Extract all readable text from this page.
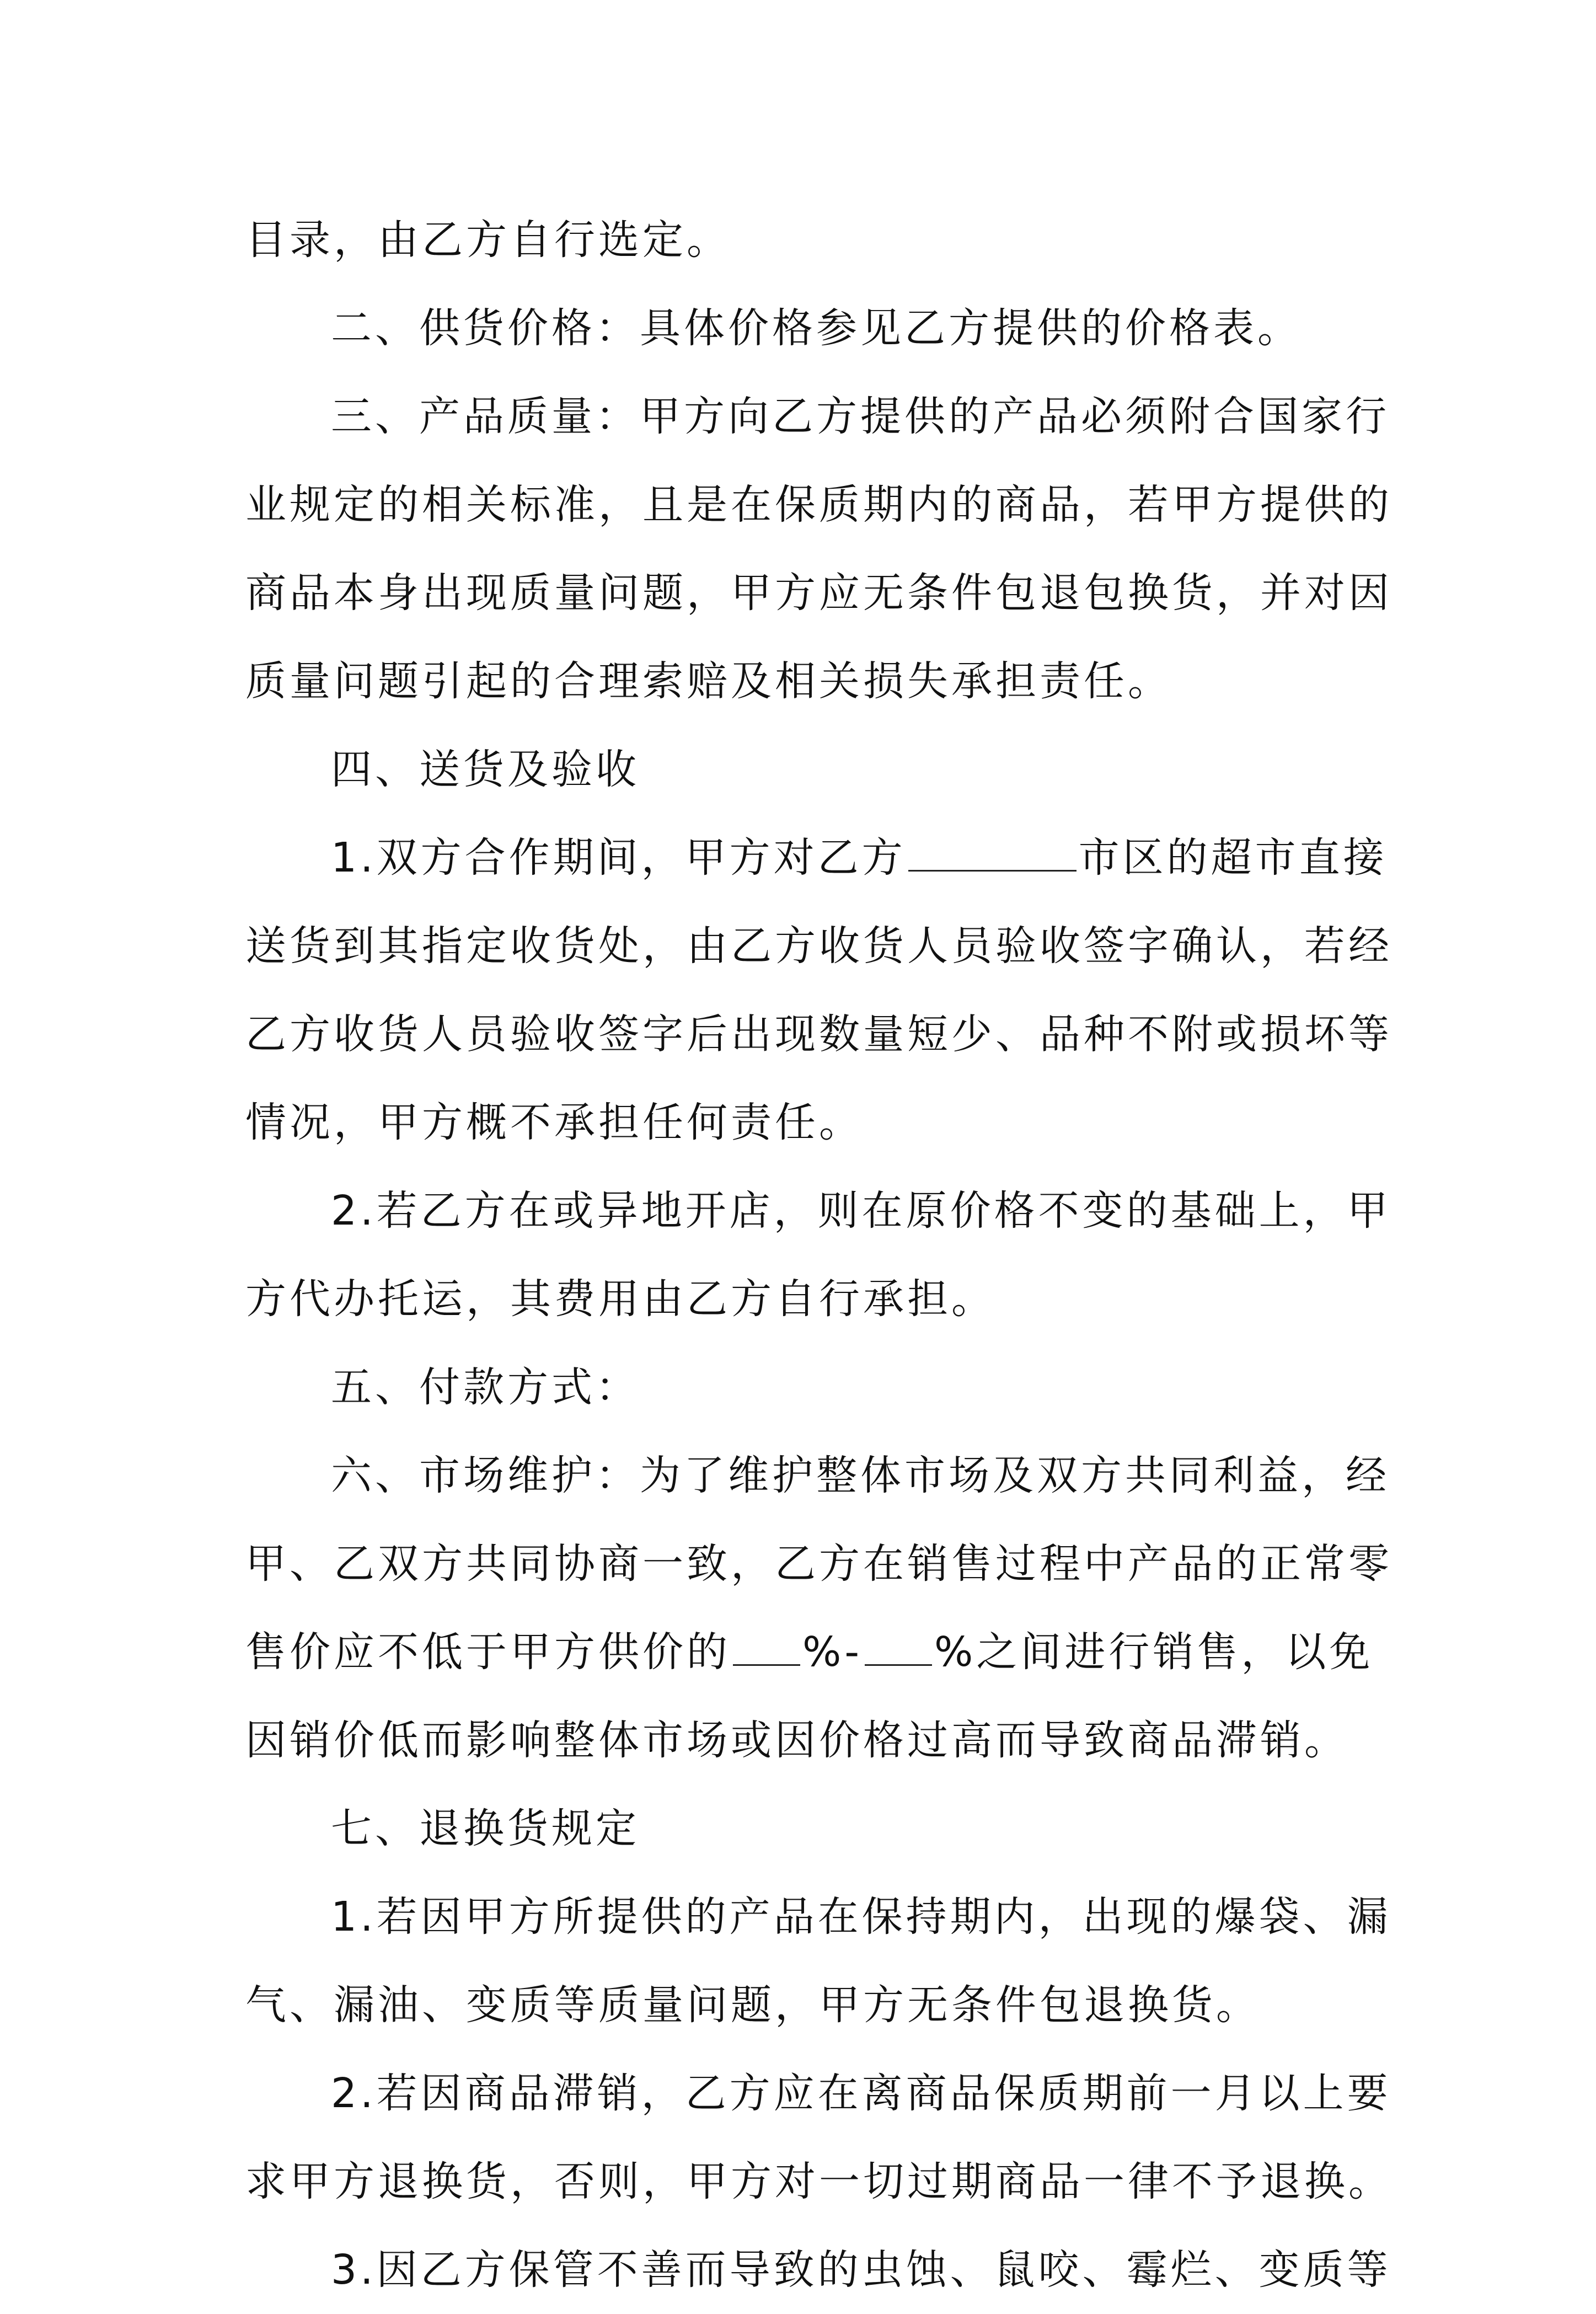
目录，由乙方自行选定。
二、供货价格：具体价格参见乙方提供的价格表。
三、产品质量：甲方向乙方提供的产品必须附合国家行
业规定的相关标准，且是在保质期内的商品，若甲方提供的
商品本身出现质量问题，甲方应无条件包退包换货，并对因
质量问题引起的合理索赔及相关损失承担责任。
四、送货及验收
1.双方合作期间，甲方对乙方	市区的超市直接
送货到其指定收货处，由乙方收货人员验收签字确认，若经
乙方收货人员验收签字后出现数量短少、品种不附或损坏等
情况，甲方概不承担任何责任。
2.若乙方在或异地开店，则在原价格不变的基础上，甲
方代办托运，其费用由乙方自行承担。
五、付款方式：
六、市场维护：为了维护整体市场及双方共同利益，经
甲、乙双方共同协商一致，乙方在销售过程中产品的正常零
售价应不低于甲方供价的 %- %之间进行销售，以免
因销价低而影响整体市场或因价格过高而导致商品滞销。
七、退换货规定
1.若因甲方所提供的产品在保持期内，出现的爆袋、漏
气、漏油、变质等质量问题，甲方无条件包退换货。
2.若因商品滞销，乙方应在离商品保质期前一月以上要
求甲方退换货，否则，甲方对一切过期商品一律不予退换。
3.因乙方保管不善而导致的虫蚀、鼠咬、霉烂、变质等
